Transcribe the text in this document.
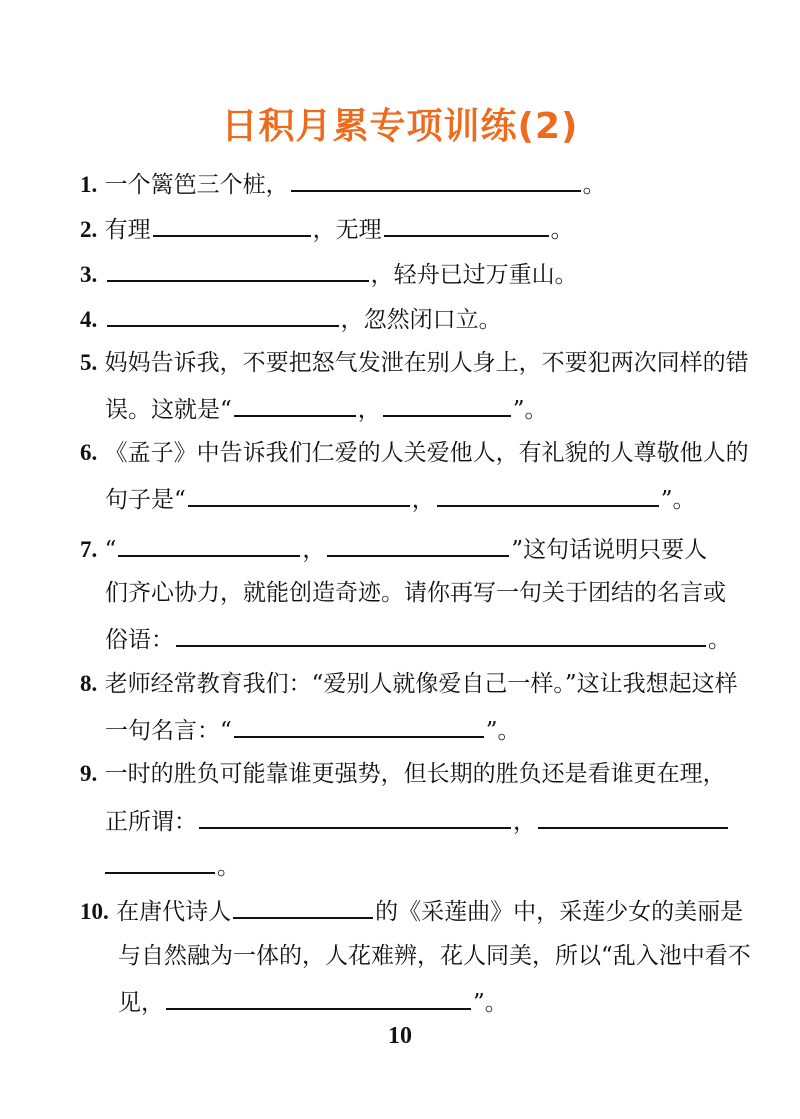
日积月累专项训练(2)
1. 一个篱笆三个桩，	。
2. 有理	，无理	。
3.	，轻舟已过万重山。
4.	，忽然闭口立。
5. 妈妈告诉我，不要把怒气发泄在别人身上，不要犯两次同样的错
误。这就是“	，	”。
6. 《孟子》中告诉我们仁爱的人关爱他人，有礼貌的人尊敬他人的
句子是“	，	”。
7. “	，	”这句话说明只要人
们齐心协力，就能创造奇迹。请你再写一句关于团结的名言或
俗语：	。
8. 老师经常教育我们：“爱别人就像爱自己一样。”这让我想起这样
一句名言：“	”。
9. 一时的胜负可能靠谁更强势，但长期的胜负还是看谁更在理，
正所谓：	，
。
10. 在唐代诗人	的《采莲曲》中，采莲少女的美丽是
与自然融为一体的，人花难辨，花人同美，所以“乱入池中看不
见，	”。
10
